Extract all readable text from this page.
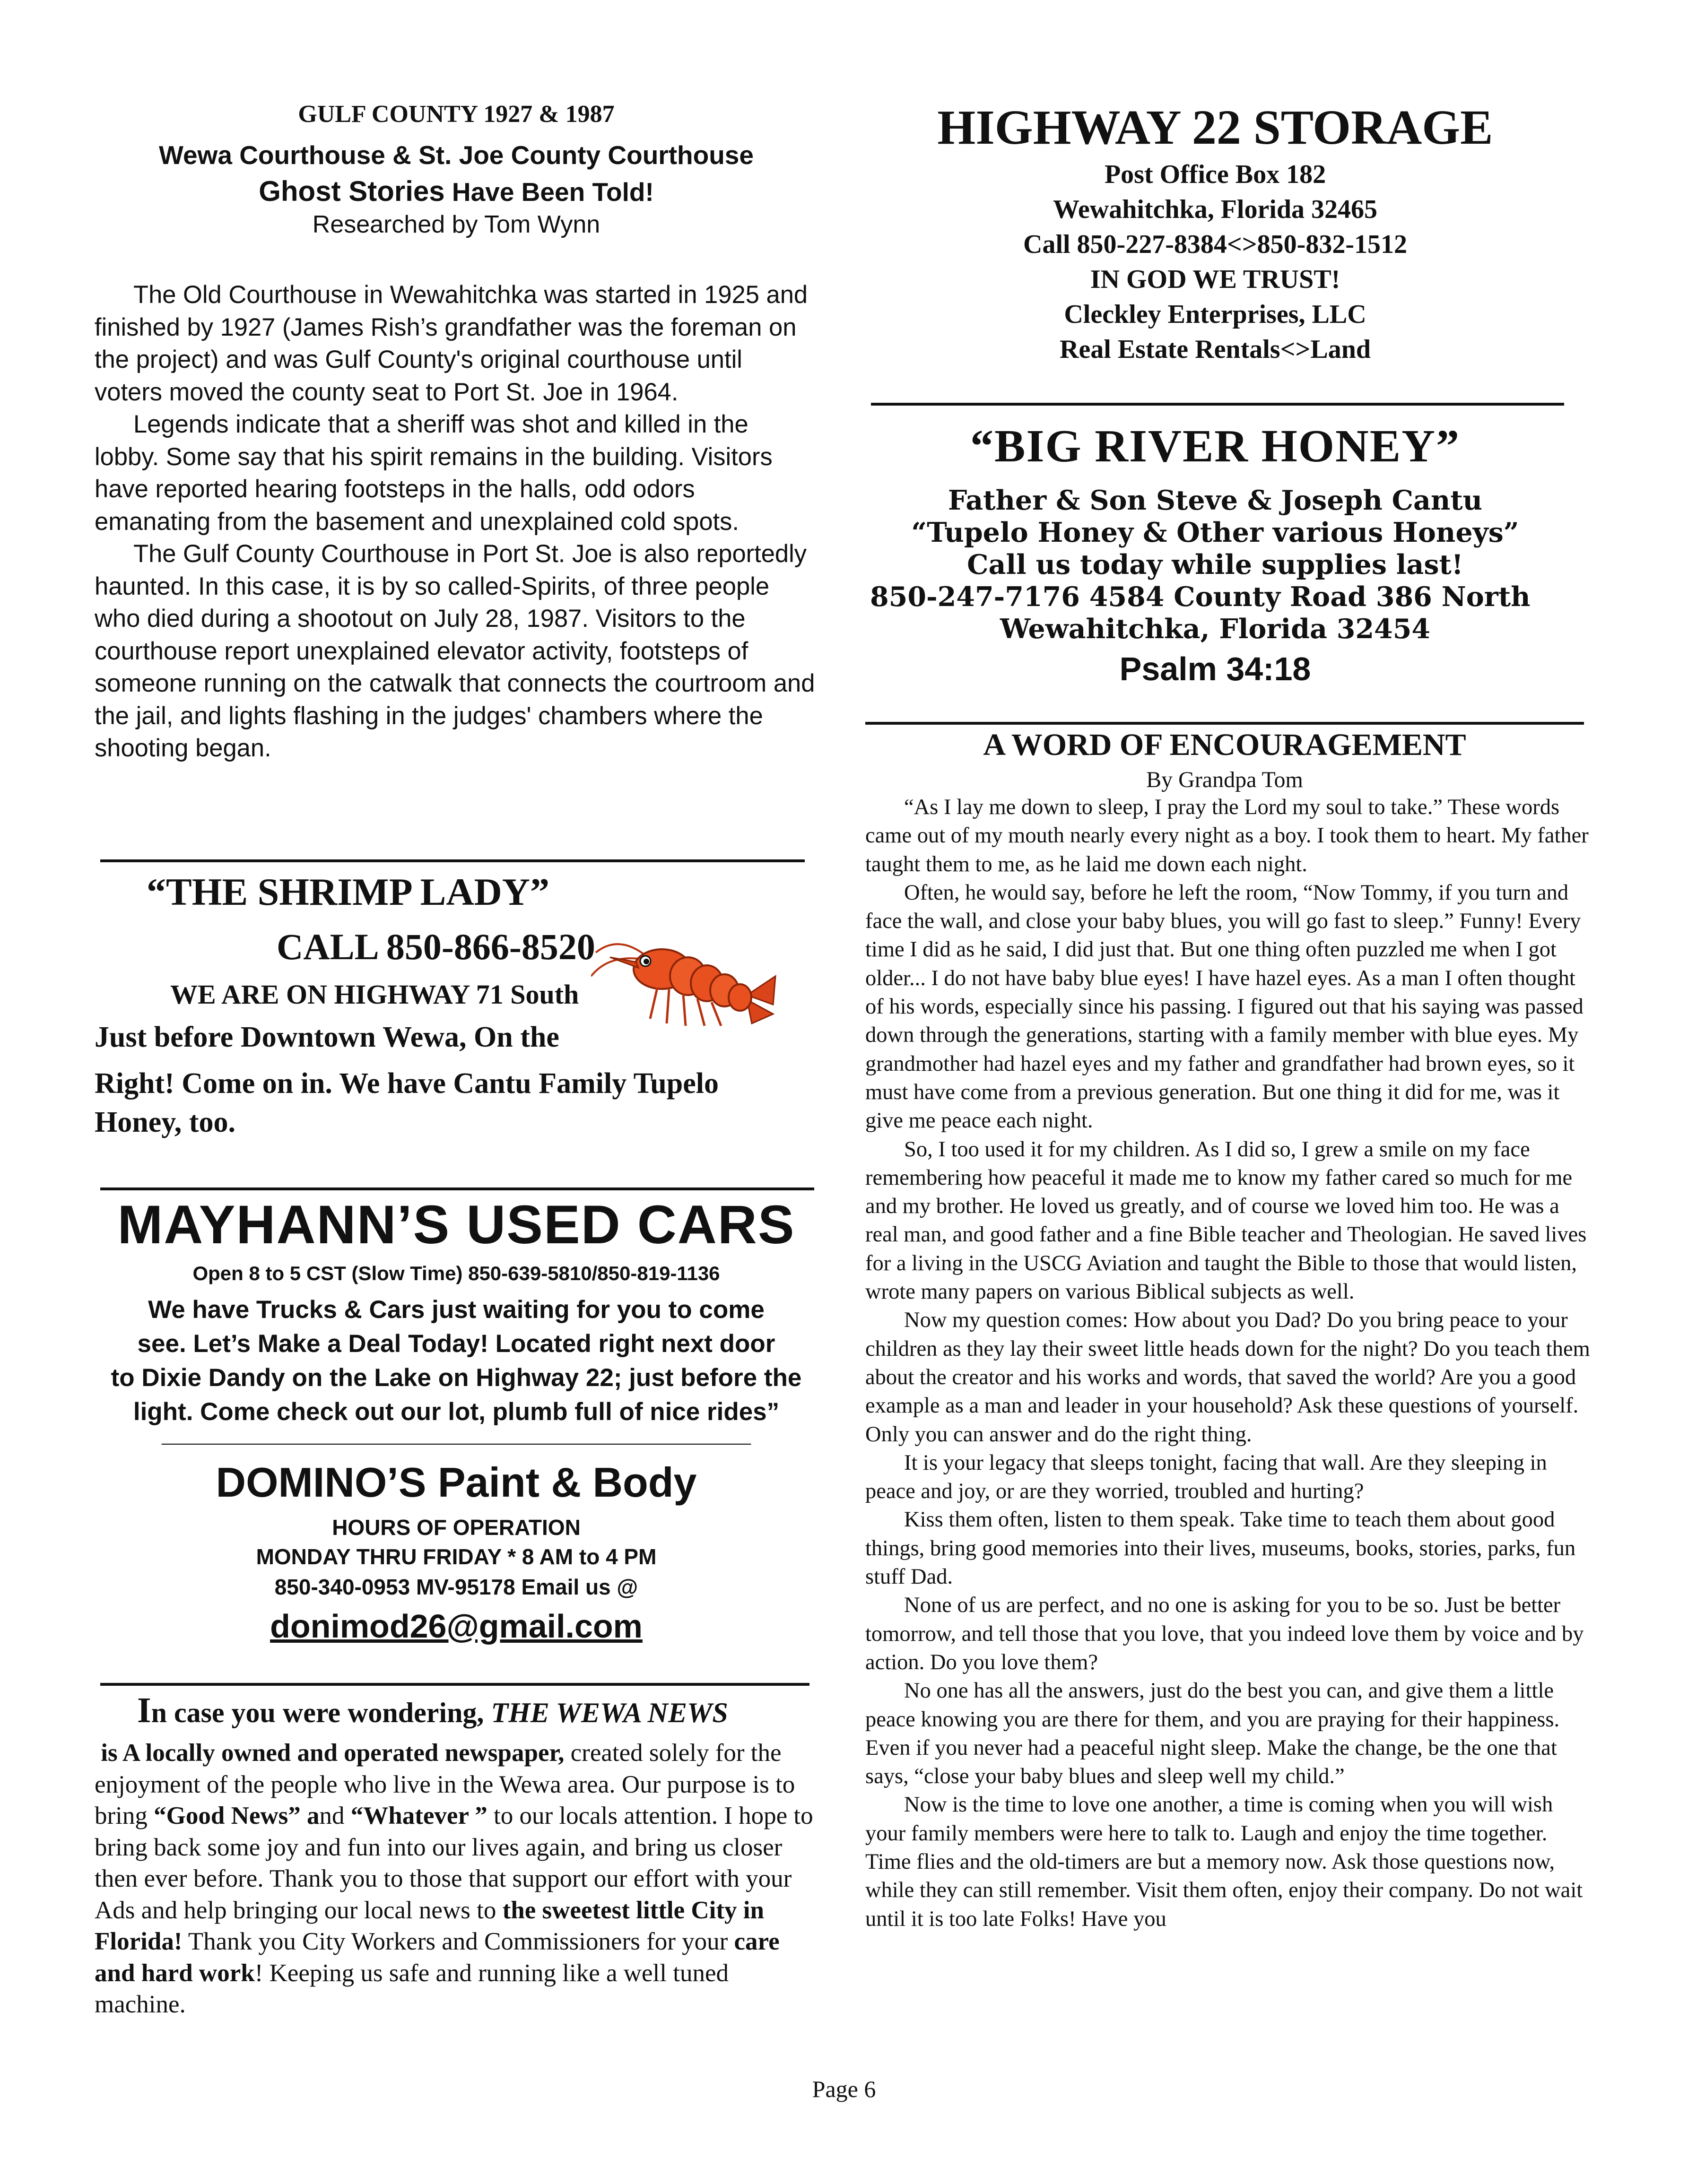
GULF COUNTY 1927 & 1987
Wewa Courthouse & St. Joe County Courthouse
Ghost Stories Have Been Told!
Researched by Tom Wynn

The Old Courthouse in Wewahitchka was started in 1925 and finished by 1927 (James Rish’s grandfather was the foreman on the project) and was Gulf County's original courthouse until voters moved the county seat to Port St. Joe in 1964.

Legends indicate that a sheriff was shot and killed in the lobby. Some say that his spirit remains in the building. Visitors have reported hearing footsteps in the halls, odd odors emanating from the basement and unexplained cold spots.

The Gulf County Courthouse in Port St. Joe is also reportedly haunted. In this case, it is by so called-Spirits, of three people who died during a shootout on July 28, 1987. Visitors to the courthouse report unexplained elevator activity, footsteps of someone running on the catwalk that connects the courtroom and the jail, and lights flashing in the judges' chambers where the shooting began.

“THE SHRIMP LADY”
CALL 850-866-8520
WE ARE ON HIGHWAY 71 South
Just before Downtown Wewa, On the
Right! Come on in. We have Cantu Family Tupelo
Honey, too.
MAYHANN’S USED CARS
Open 8 to 5 CST (Slow Time) 850-639-5810/850-819-1136
We have Trucks & Cars just waiting for you to come
see. Let’s Make a Deal Today! Located right next door
to Dixie Dandy on the Lake on Highway 22; just before the
light. Come check out our lot, plumb full of nice rides”
________________________________________
DOMINO’S Paint & Body
HOURS OF OPERATION
MONDAY THRU FRIDAY * 8 AM to 4 PM
850-340-0953 MV-95178 Email us @
donimod26@gmail.com
In case you were wondering, THE WEWA NEWS
is A locally owned and operated newspaper, created solely for the enjoyment of the people who live in the Wewa area. Our purpose is to bring “Good News” and “Whatever ” to our locals attention. I hope to bring back some joy and fun into our lives again, and bring us closer then ever before. Thank you to those that support our effort with your Ads and help bringing our local news to the sweetest little City in Florida! Thank you City Workers and Commissioners for your care and hard work! Keeping us safe and running like a well tuned machine.
HIGHWAY 22 STORAGE
Post Office Box 182
Wewahitchka, Florida 32465
Call 850-227-8384<>850-832-1512
IN GOD WE TRUST!
Cleckley Enterprises, LLC
Real Estate Rentals<>Land
“BIG RIVER HONEY”
Father & Son Steve & Joseph Cantu
“Tupelo Honey & Other various Honeys”
Call us today while supplies last!
850-247-7176 4584 County Road 386 North
Wewahitchka, Florida 32454
Psalm 34:18
A WORD OF ENCOURAGEMENT
By Grandpa Tom

“As I lay me down to sleep, I pray the Lord my soul to take.” These words came out of my mouth nearly every night as a boy. I took them to heart. My father taught them to me, as he laid me down each night.

Often, he would say, before he left the room, “Now Tommy, if you turn and face the wall, and close your baby blues, you will go fast to sleep.” Funny! Every time I did as he said, I did just that. But one thing often puzzled me when I got older... I do not have baby blue eyes! I have hazel eyes. As a man I often thought of his words, especially since his passing. I figured out that his saying was passed down through the generations, starting with a family member with blue eyes. My grandmother had hazel eyes and my father and grandfather had brown eyes, so it must have come from a previous generation. But one thing it did for me, was it give me peace each night.

So, I too used it for my children. As I did so, I grew a smile on my face remembering how peaceful it made me to know my father cared so much for me and my brother. He loved us greatly, and of course we loved him too. He was a real man, and good father and a fine Bible teacher and Theologian. He saved lives for a living in the USCG Aviation and taught the Bible to those that would listen, wrote many papers on various Biblical subjects as well.

Now my question comes: How about you Dad? Do you bring peace to your children as they lay their sweet little heads down for the night? Do you teach them about the creator and his works and words, that saved the world? Are you a good example as a man and leader in your household? Ask these questions of yourself. Only you can answer and do the right thing.

It is your legacy that sleeps tonight, facing that wall. Are they sleeping in peace and joy, or are they worried, troubled and hurting?

Kiss them often, listen to them speak. Take time to teach them about good things, bring good memories into their lives, museums, books, stories, parks, fun stuff Dad.

None of us are perfect, and no one is asking for you to be so. Just be better tomorrow, and tell those that you love, that you indeed love them by voice and by action. Do you love them?

No one has all the answers, just do the best you can, and give them a little peace knowing you are there for them, and you are praying for their happiness. Even if you never had a peaceful night sleep. Make the change, be the one that says, “close your baby blues and sleep well my child.”

Now is the time to love one another, a time is coming when you will wish your family members were here to talk to. Laugh and enjoy the time together. Time flies and the old-timers are but a memory now. Ask those questions now, while they can still remember. Visit them often, enjoy their company. Do not wait until it is too late Folks! Have you

Page 6
